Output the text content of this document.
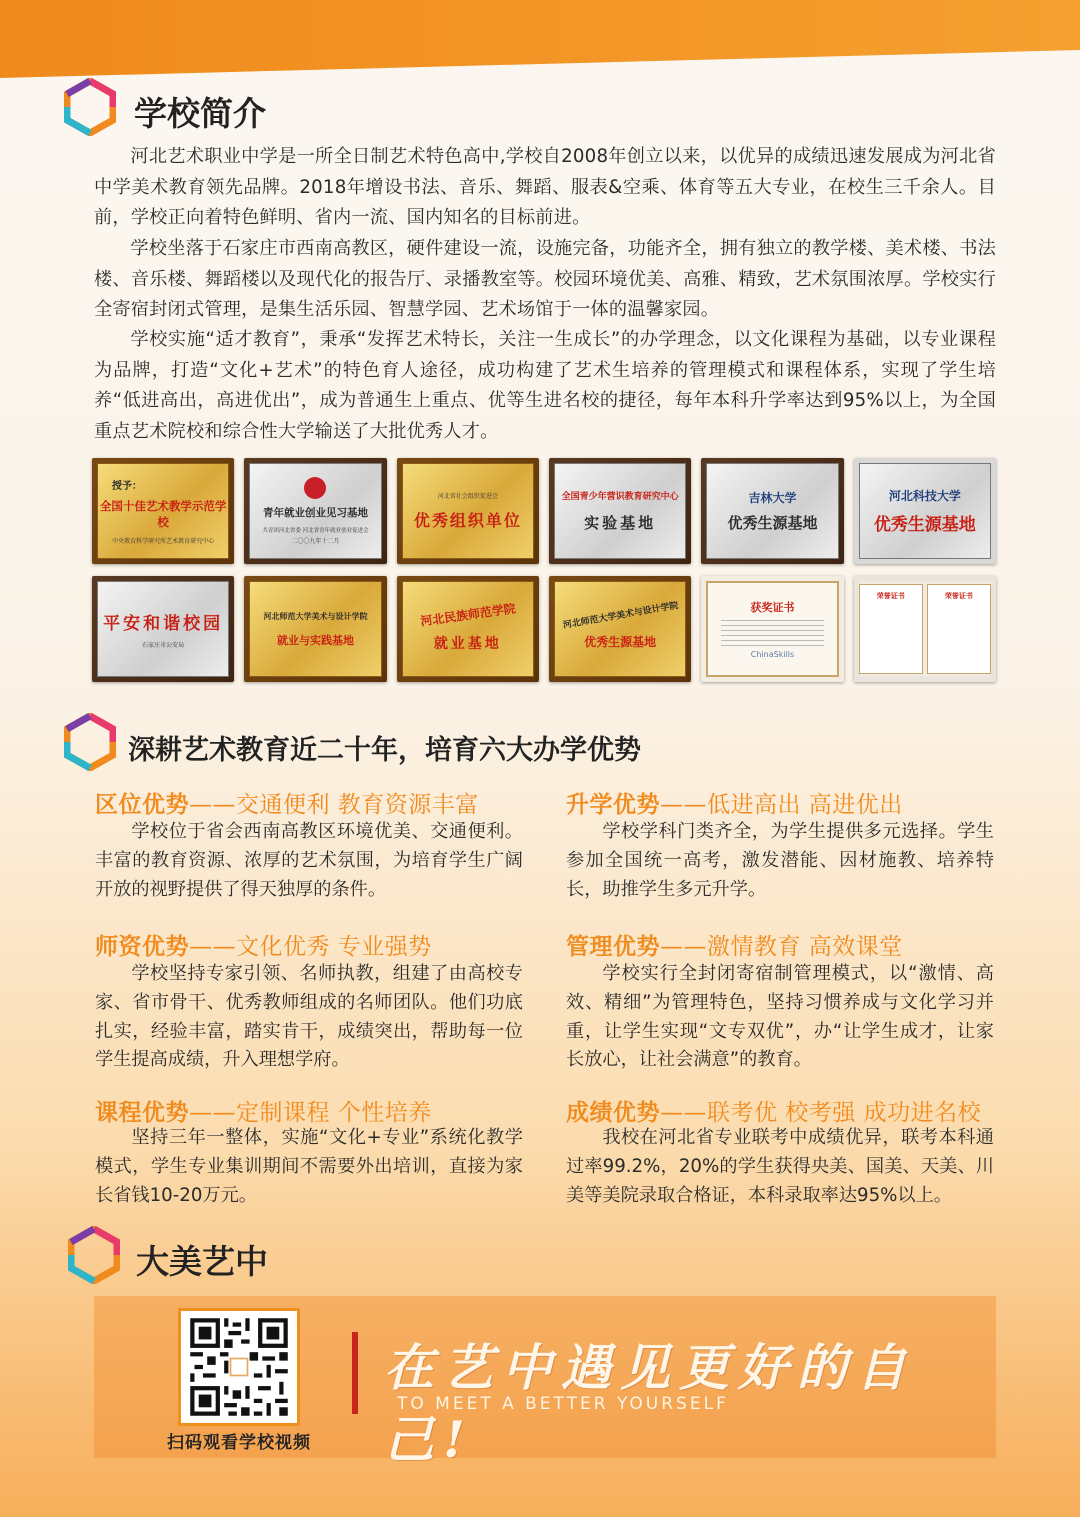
学校简介

河北艺术职业中学是一所全日制艺术特色高中,学校自2008年创立以来，以优异的成绩迅速发展成为河北省中学美术教育领先品牌。2018年增设书法、音乐、舞蹈、服表&空乘、体育等五大专业，在校生三千余人。目前，学校正向着特色鲜明、省内一流、国内知名的目标前进。

学校坐落于石家庄市西南高教区，硬件建设一流，设施完备，功能齐全，拥有独立的教学楼、美术楼、书法楼、音乐楼、舞蹈楼以及现代化的报告厅、录播教室等。校园环境优美、高雅、精致，艺术氛围浓厚。学校实行全寄宿封闭式管理，是集生活乐园、智慧学园、艺术场馆于一体的温馨家园。

学校实施“适才教育”，秉承“发挥艺术特长，关注一生成长”的办学理念，以文化课程为基础，以专业课程为品牌，打造“文化+艺术”的特色育人途径，成功构建了艺术生培养的管理模式和课程体系，实现了学生培养“低进高出，高进优出”，成为普通生上重点、优等生进名校的捷径，每年本科升学率达到95%以上，为全国重点艺术院校和综合性大学输送了大批优秀人才。

授予：
全国十佳艺术教学示范学校
中央教育科学研究所艺术教育研究中心
青年就业创业见习基地
共青团河北省委 河北省青年就业创业促进会
二〇〇九年十二月
河北省社会组织促进会
优秀组织单位
全国青少年营识教育研究中心
实验基地
吉林大学
优秀生源基地
河北科技大学
优秀生源基地
平安和谐校园
石家庄市公安局
河北师范大学美术与设计学院
就业与实践基地
河北民族师范学院
就业基地
河北师范大学美术与设计学院
优秀生源基地
获奖证书
ChinaSkills
荣誉证书	荣誉证书
深耕艺术教育近二十年，培育六大办学优势
区位优势——交通便利 教育资源丰富

学校位于省会西南高教区环境优美、交通便利。丰富的教育资源、浓厚的艺术氛围，为培育学生广阔开放的视野提供了得天独厚的条件。

师资优势——文化优秀 专业强势

学校坚持专家引领、名师执教，组建了由高校专家、省市骨干、优秀教师组成的名师团队。他们功底扎实，经验丰富，踏实肯干，成绩突出，帮助每一位学生提高成绩，升入理想学府。

课程优势——定制课程 个性培养

坚持三年一整体，实施“文化+专业”系统化教学模式，学生专业集训期间不需要外出培训，直接为家长省钱10-20万元。

升学优势——低进高出 高进优出

学校学科门类齐全，为学生提供多元选择。学生参加全国统一高考，激发潜能、因材施教、培养特长，助推学生多元升学。

管理优势——激情教育 高效课堂

学校实行全封闭寄宿制管理模式，以“激情、高效、精细”为管理特色，坚持习惯养成与文化学习并重，让学生实现“文专双优”，办“让学生成才，让家长放心，让社会满意”的教育。

成绩优势——联考优 校考强 成功进名校

我校在河北省专业联考中成绩优异，联考本科通过率99.2%，20%的学生获得央美、国美、天美、川美等美院录取合格证，本科录取率达95%以上。

大美艺中
扫码观看学校视频
在艺中遇见更好的自己!
TO MEET A BETTER YOURSELF
